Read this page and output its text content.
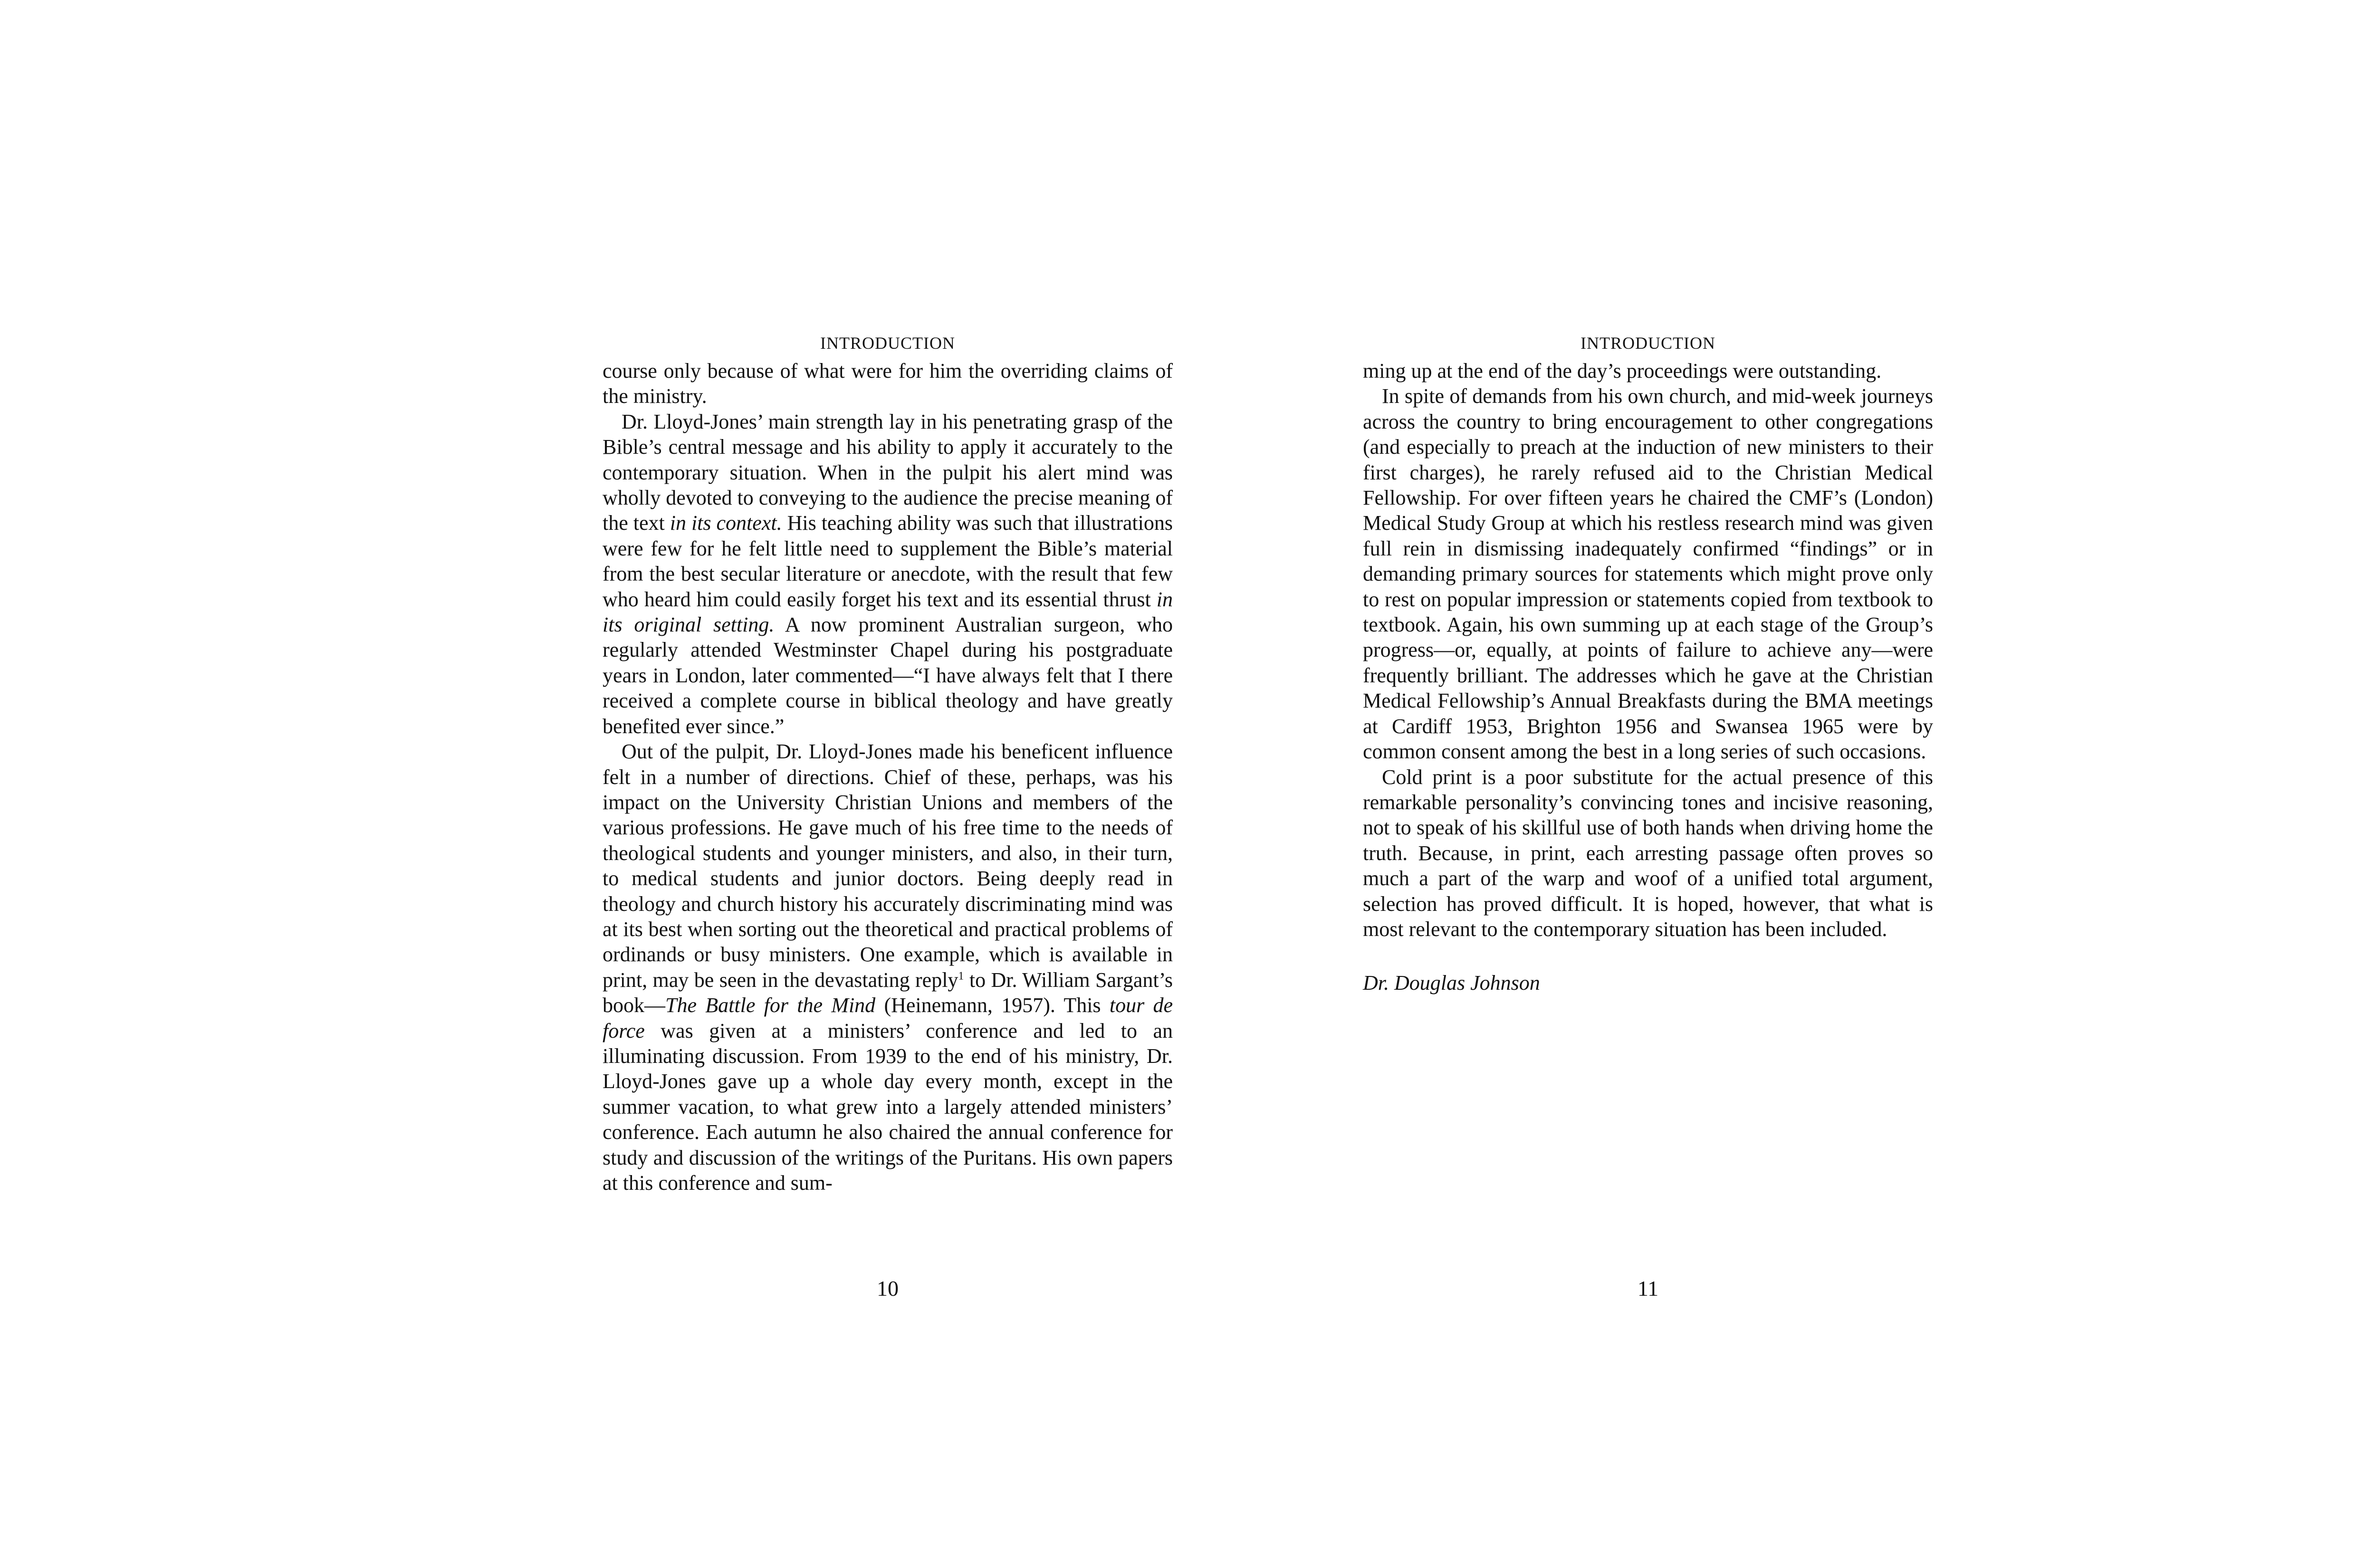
INTRODUCTION

course only because of what were for him the overriding claims of the ministry.

Dr. Lloyd-Jones’ main strength lay in his penetrating grasp of the Bible’s central message and his ability to apply it accurately to the contemporary situation. When in the pulpit his alert mind was wholly devoted to conveying to the audience the precise meaning of the text in its context. His teaching ability was such that illustrations were few for he felt little need to supplement the Bible’s material from the best secular literature or anecdote, with the result that few who heard him could easily forget his text and its essential thrust in its original setting. A now prominent Australian surgeon, who regularly attended Westminster Chapel during his postgraduate years in London, later commented—“I have always felt that I there received a complete course in biblical theology and have greatly benefited ever since.”

Out of the pulpit, Dr. Lloyd-Jones made his beneficent influence felt in a number of directions. Chief of these, perhaps, was his impact on the University Christian Unions and members of the various professions. He gave much of his free time to the needs of theological students and younger ministers, and also, in their turn, to medical students and junior doctors. Being deeply read in theology and church history his accurately discriminating mind was at its best when sorting out the theoretical and practical problems of ordinands or busy ministers. One example, which is available in print, may be seen in the devastating reply$^1$ to Dr. William Sargant’s book—The Battle for the Mind (Heinemann, 1957). This tour de force was given at a ministers’ conference and led to an illuminating discussion. From 1939 to the end of his ministry, Dr. Lloyd-Jones gave up a whole day every month, except in the summer vacation, to what grew into a largely attended ministers’ conference. Each autumn he also chaired the annual conference for study and discussion of the writings of the Puritans. His own papers at this conference and sum-

10
INTRODUCTION

ming up at the end of the day’s proceedings were outstanding.

In spite of demands from his own church, and mid-week journeys across the country to bring encouragement to other congregations (and especially to preach at the induction of new ministers to their first charges), he rarely refused aid to the Christian Medical Fellowship. For over fifteen years he chaired the CMF’s (London) Medical Study Group at which his restless research mind was given full rein in dismissing inadequately confirmed “findings” or in demanding primary sources for statements which might prove only to rest on popular impression or statements copied from textbook to textbook. Again, his own summing up at each stage of the Group’s progress—or, equally, at points of failure to achieve any—were frequently brilliant. The addresses which he gave at the Christian Medical Fellowship’s Annual Breakfasts during the BMA meetings at Cardiff 1953, Brighton 1956 and Swansea 1965 were by common consent among the best in a long series of such occasions.

Cold print is a poor substitute for the actual presence of this remarkable personality’s convincing tones and incisive reasoning, not to speak of his skillful use of both hands when driving home the truth. Because, in print, each arresting passage often proves so much a part of the warp and woof of a unified total argument, selection has proved difficult. It is hoped, however, that what is most relevant to the contemporary situation has been included.

Dr. Douglas Johnson
11
